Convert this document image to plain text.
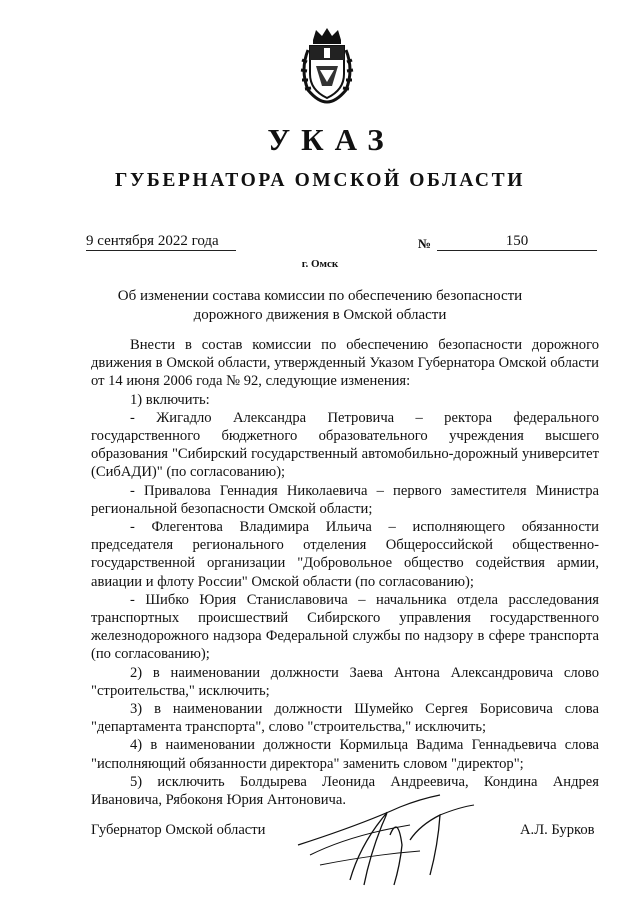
УКАЗ
ГУБЕРНАТОРА ОМСКОЙ ОБЛАСТИ
9 сентября 2022 года	№	150
г. Омск
Об изменении состава комиссии по обеспечению безопасности
дорожного движения в Омской области

Внести в состав комиссии по обеспечению безопасности дорожного движения в Омской области, утвержденный Указом Губернатора Омской области от 14 июня 2006 года № 92, следующие изменения:

1) включить:

- Жигадло Александра Петровича – ректора федерального государственного бюджетного образовательного учреждения высшего образования "Сибирский государственный автомобильно-дорожный университет (СибАДИ)" (по согласованию);

- Привалова Геннадия Николаевича – первого заместителя Министра региональной безопасности Омской области;

- Флегентова Владимира Ильича – исполняющего обязанности председателя регионального отделения Общероссийской общественно-государственной организации "Добровольное общество содействия армии, авиации и флоту России" Омской области (по согласованию);

- Шибко Юрия Станиславовича – начальника отдела расследования транспортных происшествий Сибирского управления государственного железнодорожного надзора Федеральной службы по надзору в сфере транспорта (по согласованию);

2) в наименовании должности Заева Антона Александровича слово "строительства," исключить;

3) в наименовании должности Шумейко Сергея Борисовича слова "департамента транспорта", слово "строительства," исключить;

4) в наименовании должности Кормильца Вадима Геннадьевича слова "исполняющий обязанности директора" заменить словом "директор";

5) исключить Болдырева Леонида Андреевича, Кондина Андрея Ивановича, Рябоконя Юрия Антоновича.

Губернатор Омской области	А.Л. Бурков
